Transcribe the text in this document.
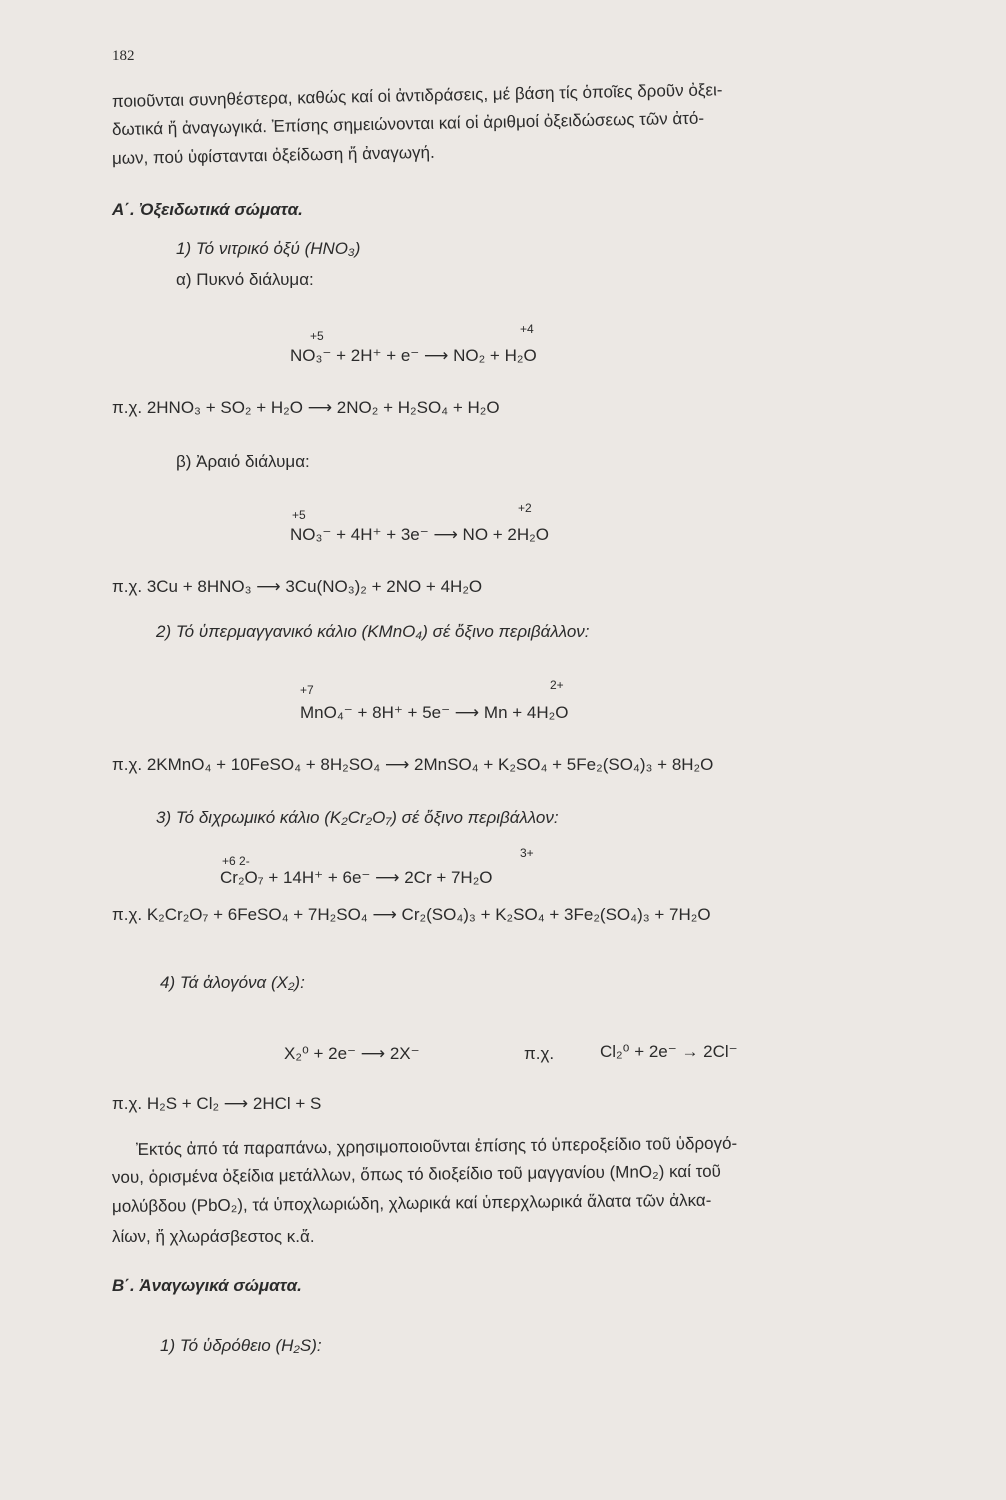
182
ποιοῦνται συνηθέστερα, καθώς καί οἱ ἀντιδράσεις, μέ βάση τίς ὁποῖες δροῦν ὀξει-
δωτικά ἤ ἀναγωγικά. Ἐπίσης σημειώνονται καί οἱ ἀριθμοί ὀξειδώσεως τῶν ἀτό-
μων, πού ὑφίστανται ὀξείδωση ἤ ἀναγωγή.
Α΄. Ὀξειδωτικά σώματα.
1) Τό νιτρικό ὀξύ (HNO₃)
α) Πυκνό διάλυμα:
+5	+4
NO₃⁻ + 2H⁺ + e⁻ ⟶ NO₂ + H₂O
π.χ. 2HNO₃ + SO₂ + H₂O ⟶ 2NO₂ + H₂SO₄ + H₂O
β) Ἀραιό διάλυμα:
+5	+2
NO₃⁻ + 4H⁺ + 3e⁻ ⟶ NO + 2H₂O
π.χ. 3Cu + 8HNO₃ ⟶ 3Cu(NO₃)₂ + 2NO + 4H₂O
2) Τό ὑπερμαγγανικό κάλιο (KMnO₄) σέ ὄξινο περιβάλλον:
+7	2+
MnO₄⁻ + 8H⁺ + 5e⁻ ⟶ Mn + 4H₂O
π.χ. 2KMnO₄ + 10FeSO₄ + 8H₂SO₄ ⟶ 2MnSO₄ + K₂SO₄ + 5Fe₂(SO₄)₃ + 8H₂O
3) Τό διχρωμικό κάλιο (K₂Cr₂O₇) σέ ὄξινο περιβάλλον:
+6 2-
3+
Cr₂O₇ + 14H⁺ + 6e⁻ ⟶ 2Cr + 7H₂O
π.χ. K₂Cr₂O₇ + 6FeSO₄ + 7H₂SO₄ ⟶ Cr₂(SO₄)₃ + K₂SO₄ + 3Fe₂(SO₄)₃ + 7H₂O
4) Τά ἀλογόνα (X₂):
X₂⁰ + 2e⁻ ⟶ 2X⁻	π.χ.	Cl₂⁰ + 2e⁻ → 2Cl⁻
π.χ. H₂S + Cl₂ ⟶ 2HCl + S
Ἐκτός ἀπό τά παραπάνω, χρησιμοποιοῦνται ἐπίσης τό ὑπεροξείδιο τοῦ ὑδρογό-
νου, ὁρισμένα ὀξείδια μετάλλων, ὅπως τό διοξείδιο τοῦ μαγγανίου (MnO₂) καί τοῦ
μολύβδου (PbO₂), τά ὑποχλωριώδη, χλωρικά καί ὑπερχλωρικά ἅλατα τῶν ἀλκα-
λίων, ἤ χλωράσβεστος κ.ἄ.
Β΄. Ἀναγωγικά σώματα.
1) Τό ὑδρόθειο (H₂S):
